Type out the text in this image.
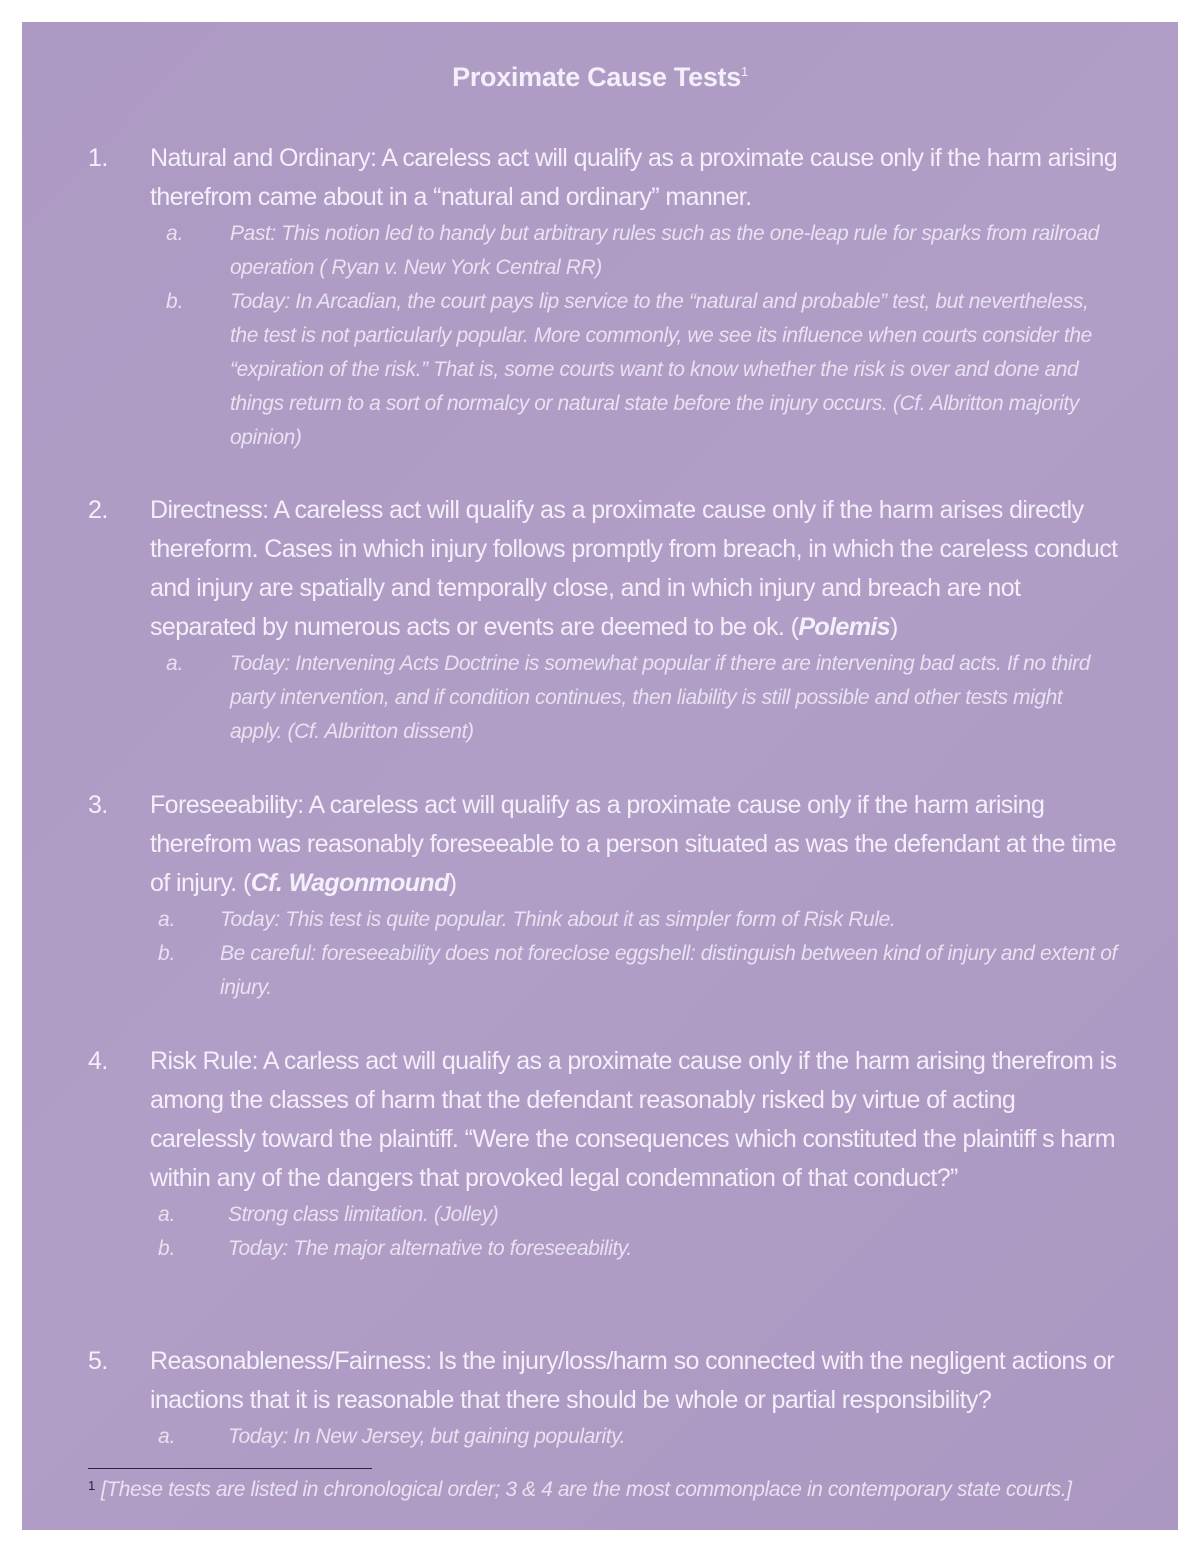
Proximate Cause Tests$^1$
1. Natural and Ordinary: A careless act will qualify as a proximate cause only if the harm arising therefrom came about in a “natural and ordinary” manner.
a. Past: This notion led to handy but arbitrary rules such as the one-leap rule for sparks from railroad operation ( Ryan v. New York Central RR)
b. Today: In Arcadian, the court pays lip service to the “natural and probable” test, but nevertheless, the test is not particularly popular. More commonly, we see its influence when courts consider the “expiration of the risk.” That is, some courts want to know whether the risk is over and done and things return to a sort of normalcy or natural state before the injury occurs. (Cf. Albritton majority opinion)
2. Directness: A careless act will qualify as a proximate cause only if the harm arises directly thereform. Cases in which injury follows promptly from breach, in which the careless conduct and injury are spatially and temporally close, and in which injury and breach are not separated by numerous acts or events are deemed to be ok. (Polemis)
a. Today: Intervening Acts Doctrine is somewhat popular if there are intervening bad acts. If no third party intervention, and if condition continues, then liability is still possible and other tests might apply. (Cf. Albritton dissent)
3. Foreseeability: A careless act will qualify as a proximate cause only if the harm arising therefrom was reasonably foreseeable to a person situated as was the defendant at the time of injury. (Cf. Wagonmound)
a. Today: This test is quite popular. Think about it as simpler form of Risk Rule.
b. Be careful: foreseeability does not foreclose eggshell: distinguish between kind of injury and extent of injury.
4. Risk Rule: A carless act will qualify as a proximate cause only if the harm arising therefrom is among the classes of harm that the defendant reasonably risked by virtue of acting carelessly toward the plaintiff. “Were the consequences which constituted the plaintiff s harm within any of the dangers that provoked legal condemnation of that conduct?”
a. Strong class limitation. (Jolley)
b. Today: The major alternative to foreseeability.
5. Reasonableness/Fairness: Is the injury/loss/harm so connected with the negligent actions or inactions that it is reasonable that there should be whole or partial responsibility?
a. Today: In New Jersey, but gaining popularity.
$^1$ [These tests are listed in chronological order; 3 & 4 are the most commonplace in contemporary state courts.]
